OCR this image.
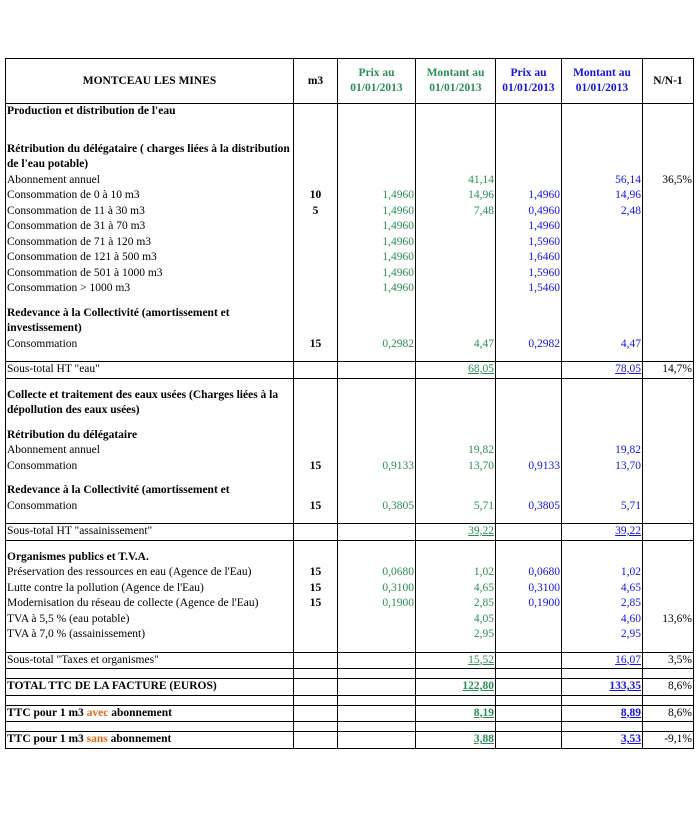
MONTCEAU LES MINES	m3	Prix au 01/01/2013	Montant au 01/01/2013	Prix au 01/01/2013	Montant au 01/01/2013	N/N-1
Production et distribution de l'eau						

Rétribution du délégataire ( charges liées à la distribution de l'eau potable)						
Abonnement annuel			41,14		56,14	36,5%
Consommation de 0 à 10 m3	10	1,4960	14,96	1,4960	14,96	
Consommation de 11 à 30 m3	5	1,4960	7,48	0,4960	2,48	
Consommation de 31 à 70 m3		1,4960		1,4960		
Consommation de 71 à 120 m3		1,4960		1,5960		
Consommation de 121 à 500 m3		1,4960		1,6460		
Consommation de 501 à 1000 m3		1,4960		1,5960		
Consommation > 1000 m3		1,4960		1,5460		

Redevance à la Collectivité (amortissement et investissement)						
Consommation	15	0,2982	4,47	0,2982	4,47	

Sous-total HT "eau"			68,05		78,05	14,7%

Collecte et traitement des eaux usées (Charges liées à la dépollution des eaux usées)						

Rétribution du délégataire						
Abonnement annuel			19,82		19,82	
Consommation	15	0,9133	13,70	0,9133	13,70	

Redevance à la Collectivité (amortissement et						
Consommation	15	0,3805	5,71	0,3805	5,71	

Sous-total HT "assainissement"			39,22		39,22	

Organismes publics et T.V.A.						
Préservation des ressources en eau (Agence de l'Eau)	15	0,0680	1,02	0,0680	1,02	
Lutte contre la pollution (Agence de l'Eau)	15	0,3100	4,65	0,3100	4,65	
Modernisation du réseau de collecte (Agence de l'Eau)	15	0,1900	2,85	0,1900	2,85	
TVA à 5,5 % (eau potable)			4,05		4,60	13,6%
TVA à 7,0 % (assainissement)			2,95		2,95	

Sous-total "Taxes et organismes"			15,52		16,07	3,5%

TOTAL TTC DE LA FACTURE (EUROS)			122,80		133,35	8,6%

TTC pour 1 m3 avec abonnement			8,19		8,89	8,6%

TTC pour 1 m3 sans abonnement			3,88		3,53	-9,1%
